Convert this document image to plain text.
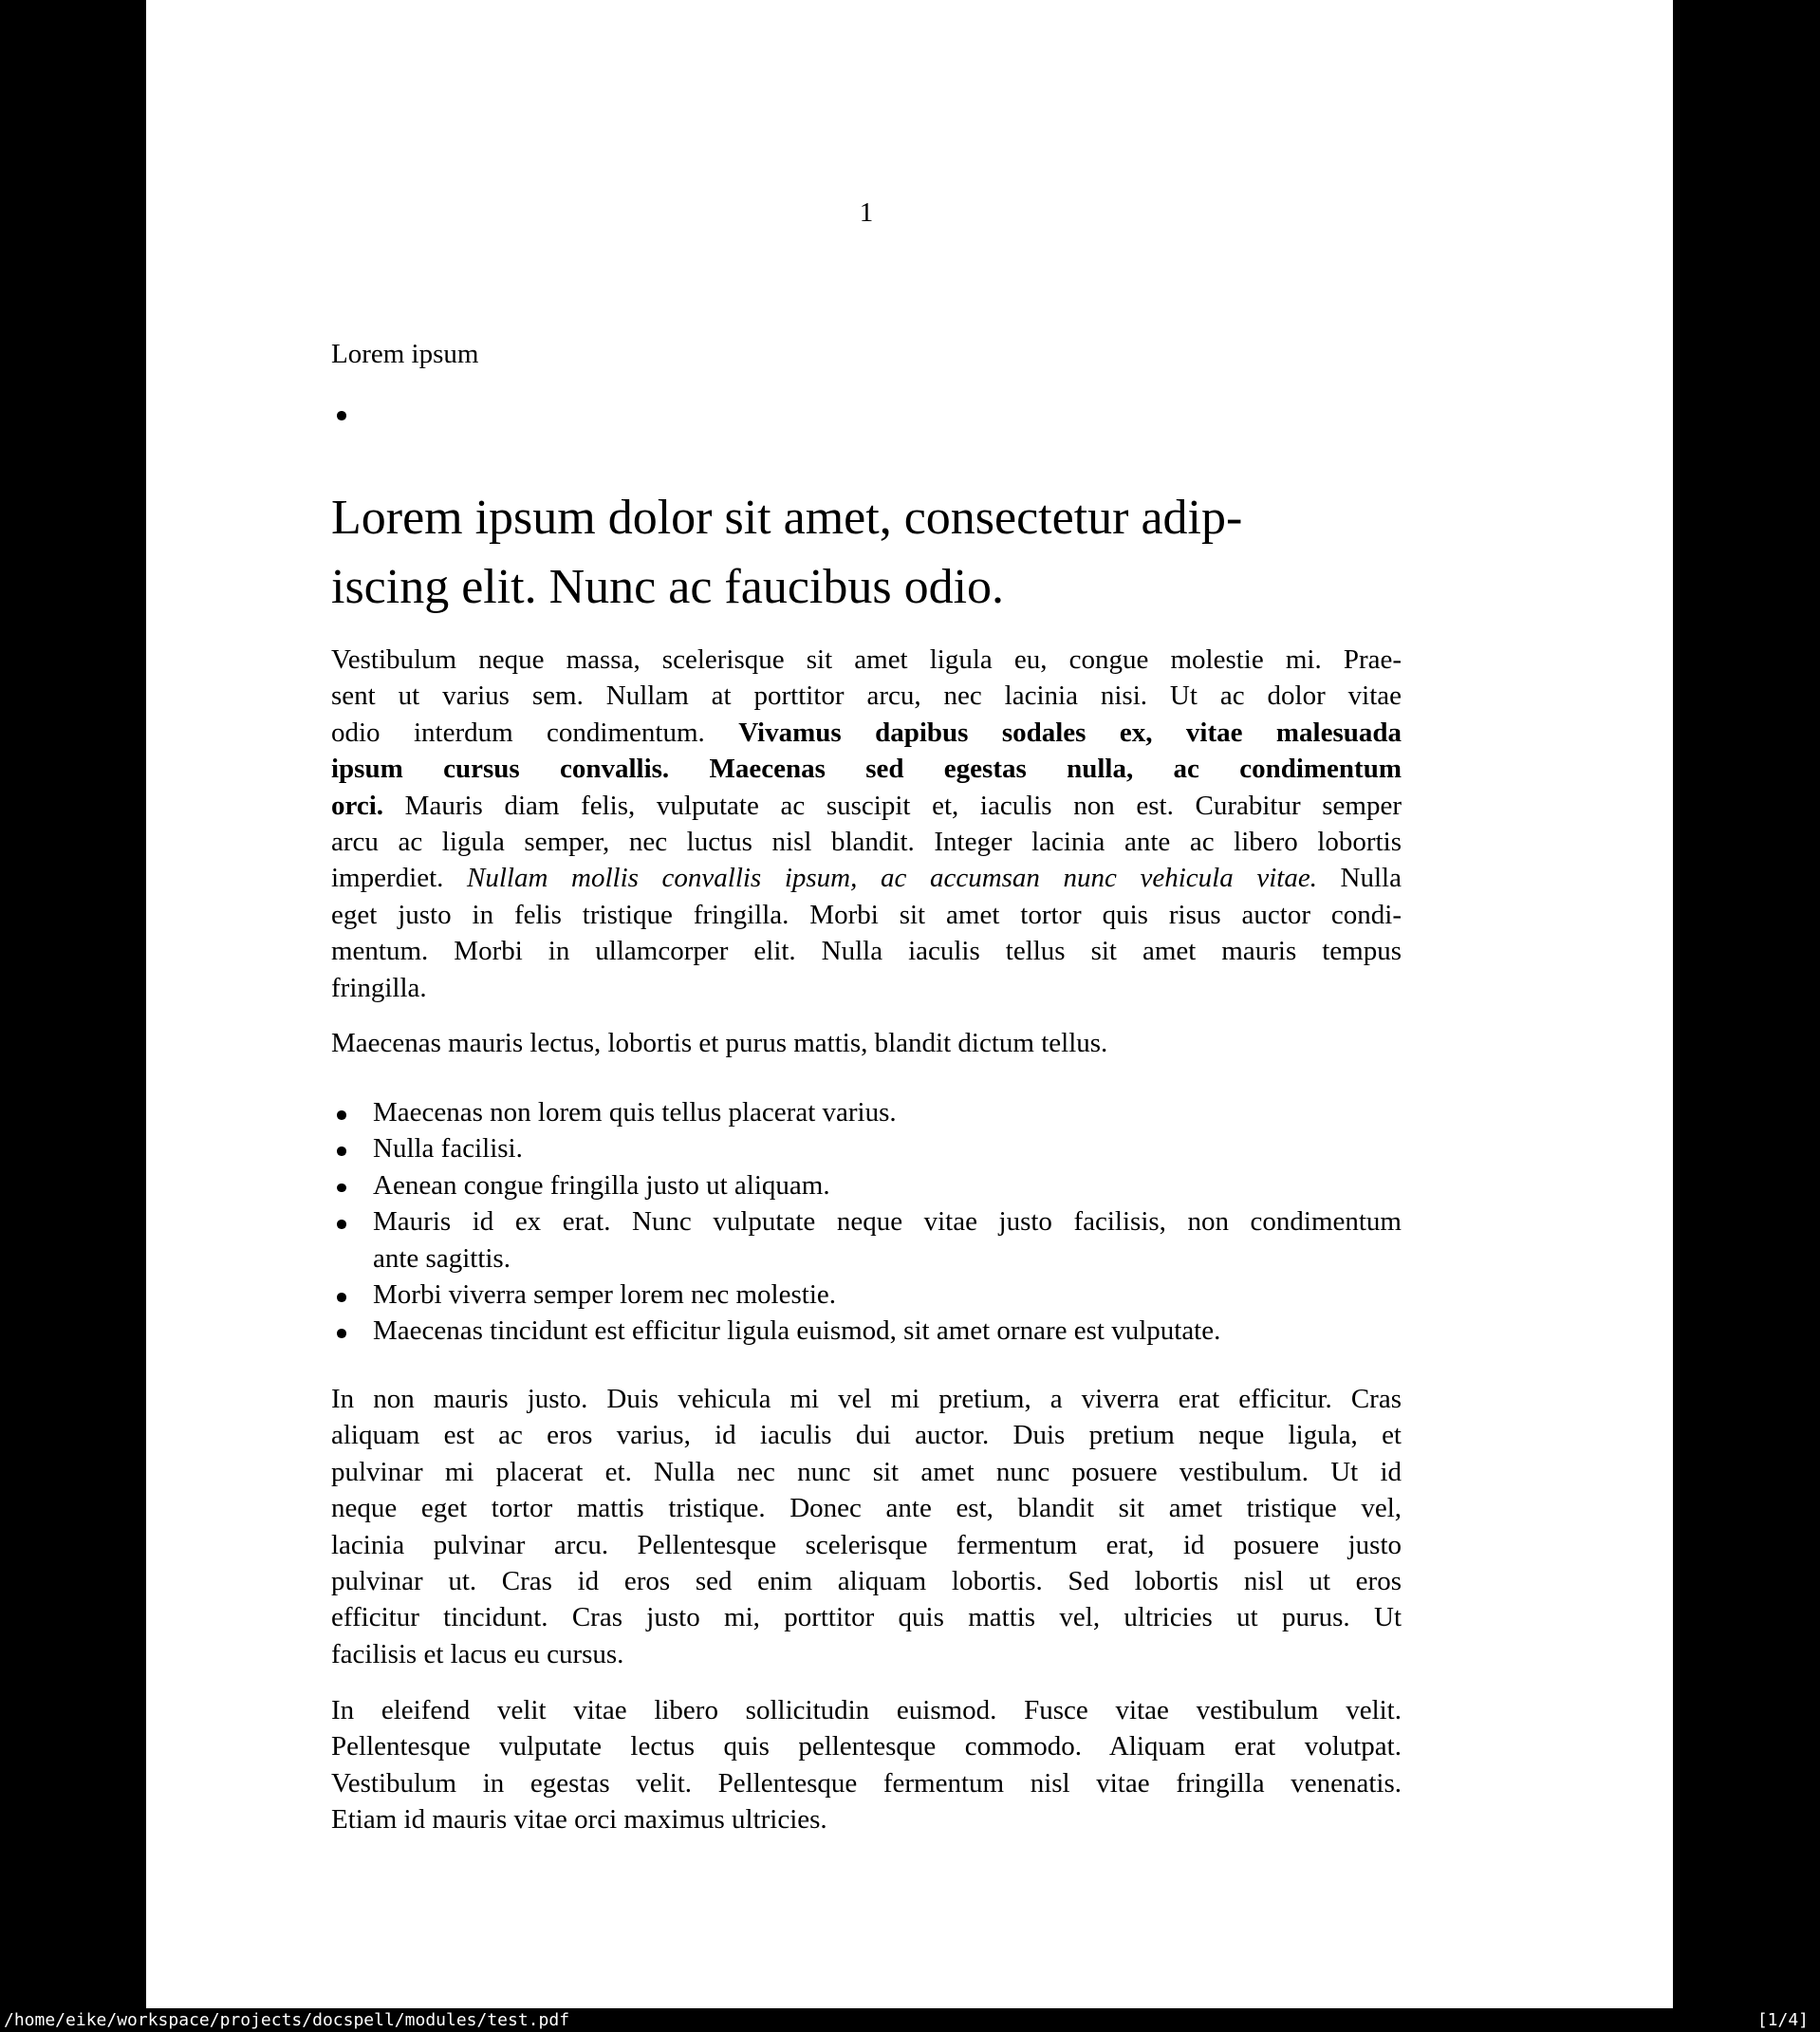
1
Lorem ipsum
Lorem ipsum dolor sit amet, consectetur adip-
iscing elit. Nunc ac faucibus odio.
Vestibulum neque massa, scelerisque sit amet ligula eu, congue molestie mi. Prae-
sent ut varius sem. Nullam at porttitor arcu, nec lacinia nisi. Ut ac dolor vitae
odio interdum condimentum. Vivamus dapibus sodales ex, vitae malesuada
ipsum cursus convallis. Maecenas sed egestas nulla, ac condimentum
orci. Mauris diam felis, vulputate ac suscipit et, iaculis non est. Curabitur semper
arcu ac ligula semper, nec luctus nisl blandit. Integer lacinia ante ac libero lobortis
imperdiet. Nullam mollis convallis ipsum, ac accumsan nunc vehicula vitae. Nulla
eget justo in felis tristique fringilla. Morbi sit amet tortor quis risus auctor condi-
mentum. Morbi in ullamcorper elit. Nulla iaculis tellus sit amet mauris tempus
fringilla.
Maecenas mauris lectus, lobortis et purus mattis, blandit dictum tellus.
Maecenas non lorem quis tellus placerat varius.
Nulla facilisi.
Aenean congue fringilla justo ut aliquam.
Mauris id ex erat. Nunc vulputate neque vitae justo facilisis, non condimentum
ante sagittis.
Morbi viverra semper lorem nec molestie.
Maecenas tincidunt est efficitur ligula euismod, sit amet ornare est vulputate.
In non mauris justo. Duis vehicula mi vel mi pretium, a viverra erat efficitur. Cras
aliquam est ac eros varius, id iaculis dui auctor. Duis pretium neque ligula, et
pulvinar mi placerat et. Nulla nec nunc sit amet nunc posuere vestibulum. Ut id
neque eget tortor mattis tristique. Donec ante est, blandit sit amet tristique vel,
lacinia pulvinar arcu. Pellentesque scelerisque fermentum erat, id posuere justo
pulvinar ut. Cras id eros sed enim aliquam lobortis. Sed lobortis nisl ut eros
efficitur tincidunt. Cras justo mi, porttitor quis mattis vel, ultricies ut purus. Ut
facilisis et lacus eu cursus.
In eleifend velit vitae libero sollicitudin euismod. Fusce vitae vestibulum velit.
Pellentesque vulputate lectus quis pellentesque commodo. Aliquam erat volutpat.
Vestibulum in egestas velit. Pellentesque fermentum nisl vitae fringilla venenatis.
Etiam id mauris vitae orci maximus ultricies.
/home/eike/workspace/projects/docspell/modules/test.pdf	[1/4]
